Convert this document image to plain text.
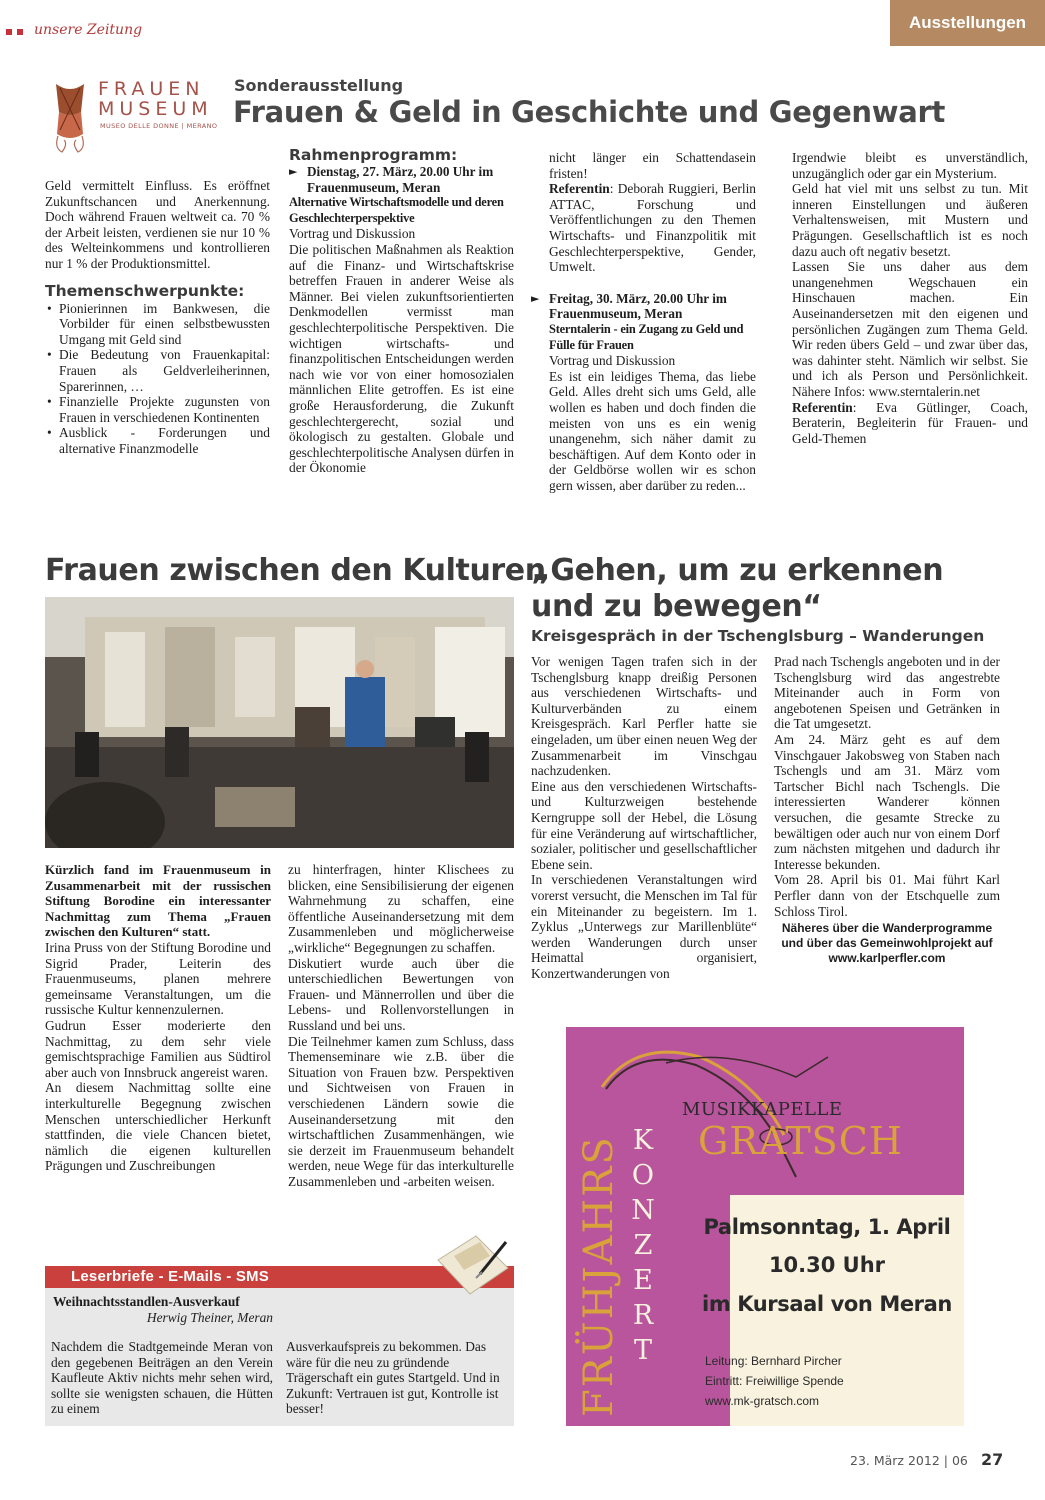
unsere Zeitung	Ausstellungen
FRAUEN
MUSEUM
MUSEO DELLE DONNE | MERANO
Sonderausstellung
Frauen & Geld in Geschichte und Gegenwart

Geld vermittelt Einfluss. Es eröffnet Zukunftschancen und Anerkennung. Doch während Frauen weltweit ca. 70 % der Arbeit leisten, verdienen sie nur 10 % des Welteinkommens und kontrollieren nur 1 % der Produktionsmittel.

Themenschwerpunkte:
• Pionierinnen im Bankwesen, die Vorbilder für einen selbstbewussten Umgang mit Geld sind
• Die Bedeutung von Frauenkapital: Frauen als Geldverleiherinnen, Sparerinnen, …
• Finanzielle Projekte zugunsten von Frauen in verschiedenen Kontinenten
• Ausblick - Forderungen und alternative Finanzmodelle
Rahmenprogramm:
► Dienstag, 27. März, 20.00 Uhr im Frauenmuseum, Meran
Alternative Wirtschaftsmodelle und deren Geschlechterperspektive

Vortrag und Diskussion

Die politischen Maßnahmen als Reaktion auf die Finanz- und Wirtschaftskrise betreffen Frauen in anderer Weise als Männer. Bei vielen zukunftsorientierten Denkmodellen vermisst man geschlechterpolitische Perspektiven. Die wichtigen wirtschafts- und finanzpolitischen Entscheidungen werden nach wie vor von einer homosozialen männlichen Elite getroffen. Es ist eine große Herausforderung, die Zukunft geschlechtergerecht, sozial und ökologisch zu gestalten. Globale und geschlechterpolitische Analysen dürfen in der Ökonomie

nicht länger ein Schattendasein fristen!

Referentin: Deborah Ruggieri, Berlin ATTAC, Forschung und Veröffentlichungen zu den Themen Wirtschafts- und Finanzpolitik mit Geschlechterperspektive, Gender, Umwelt.

► Freitag, 30. März, 20.00 Uhr im Frauenmuseum, Meran
Sterntalerin - ein Zugang zu Geld und Fülle für Frauen

Vortrag und Diskussion

Es ist ein leidiges Thema, das liebe Geld. Alles dreht sich ums Geld, alle wollen es haben und doch finden die meisten von uns es ein wenig unangenehm, sich näher damit zu beschäftigen. Auf dem Konto oder in der Geldbörse wollen wir es schon gern wissen, aber darüber zu reden...

Irgendwie bleibt es unverständlich, unzugänglich oder gar ein Mysterium.

Geld hat viel mit uns selbst zu tun. Mit inneren Einstellungen und äußeren Verhaltensweisen, mit Mustern und Prägungen. Gesellschaftlich ist es noch dazu auch oft negativ besetzt.

Lassen Sie uns daher aus dem unangenehmen Wegschauen ein Hinschauen machen. Ein Auseinandersetzen mit den eigenen und persönlichen Zugängen zum Thema Geld. Wir reden übers Geld – und zwar über das, was dahinter steht. Nämlich wir selbst. Sie und ich als Person und Persönlichkeit. Nähere Infos: www.sterntalerin.net

Referentin: Eva Gütlinger, Coach, Beraterin, Begleiterin für Frauen- und Geld-Themen

Frauen zwischen den Kulturen

Kürzlich fand im Frauenmuseum in Zusammenarbeit mit der russischen Stiftung Borodine ein interessanter Nachmittag zum Thema „Frauen zwischen den Kulturen“ statt.

Irina Pruss von der Stiftung Borodine und Sigrid Prader, Leiterin des Frauenmuseums, planen mehrere gemeinsame Veranstaltungen, um die russische Kultur kennenzulernen.

Gudrun Esser moderierte den Nachmittag, zu dem sehr viele gemischtsprachige Familien aus Südtirol aber auch von Innsbruck angereist waren.

An diesem Nachmittag sollte eine interkulturelle Begegnung zwischen Menschen unterschiedlicher Herkunft stattfinden, die viele Chancen bietet, nämlich die eigenen kulturellen Prägungen und Zuschreibungen

zu hinterfragen, hinter Klischees zu blicken, eine Sensibilisierung der eigenen Wahrnehmung zu schaffen, eine öffentliche Auseinandersetzung mit dem Zusammenleben und möglicherweise „wirkliche“ Begegnungen zu schaffen.

Diskutiert wurde auch über die unterschiedlichen Bewertungen von Frauen- und Männerrollen und über die Lebens- und Rollenvorstellungen in Russland und bei uns.

Die Teilnehmer kamen zum Schluss, dass Themenseminare wie z.B. über die Situation von Frauen bzw. Perspektiven und Sichtweisen von Frauen in verschiedenen Ländern sowie die Auseinandersetzung mit den wirtschaftlichen Zusammenhängen, wie sie derzeit im Frauenmuseum behandelt werden, neue Wege für das interkulturelle Zusammenleben und -arbeiten weisen.

Leserbriefe - E-Mails - SMS
Weihnachtsstandlen-Ausverkauf
Herwig Theiner, Meran

Nachdem die Stadtgemeinde Meran von den gegebenen Beiträgen an den Verein Kaufleute Aktiv nichts mehr sehen wird, sollte sie wenigsten schauen, die Hütten zu einem

Ausverkaufspreis zu bekommen. Das wäre für die neu zu gründende Trägerschaft ein gutes Startgeld. Und in Zukunft: Vertrauen ist gut, Kontrolle ist besser!

„Gehen, um zu erkennen
und zu bewegen“
Kreisgespräch in der Tschenglsburg – Wanderungen

Vor wenigen Tagen trafen sich in der Tschenglsburg knapp dreißig Personen aus verschiedenen Wirtschafts- und Kulturverbänden zu einem Kreisgespräch. Karl Perfler hatte sie eingeladen, um über einen neuen Weg der Zusammenarbeit im Vinschgau nachzudenken.

Eine aus den verschiedenen Wirtschafts- und Kulturzweigen bestehende Kerngruppe soll der Hebel, die Lösung für eine Veränderung auf wirtschaftlicher, sozialer, politischer und gesellschaftlicher Ebene sein.

In verschiedenen Veranstaltungen wird vorerst versucht, die Menschen im Tal für ein Miteinander zu begeistern. Im 1. Zyklus „Unterwegs zur Marillenblüte“ werden Wanderungen durch unser Heimattal organisiert, Konzertwanderungen von

Prad nach Tschengls angeboten und in der Tschenglsburg wird das angestrebte Miteinander auch in Form von angebotenen Speisen und Getränken in die Tat umgesetzt.

Am 24. März geht es auf dem Vinschgauer Jakobsweg von Staben nach Tschengls und am 31. März vom Tartscher Bichl nach Tschengls. Die interessierten Wanderer können versuchen, die gesamte Strecke zu bewältigen oder auch nur von einem Dorf zum nächsten mitgehen und dadurch ihr Interesse bekunden.

Vom 28. April bis 01. Mai führt Karl Perfler dann von der Etschquelle zum Schloss Tirol.

Näheres über die Wanderprogramme
und über das Gemeinwohlprojekt auf
www.karlperfler.com
FRÜHJAHRS K
O
N
Z
E
R
T
MUSIKKAPELLE
GRATSCH
Palmsonntag, 1. April
10.30 Uhr
im Kursaal von Meran
Leitung: Bernhard Pircher
Eintritt: Freiwillige Spende
www.mk-gratsch.com
23. März 2012 | 06 27
